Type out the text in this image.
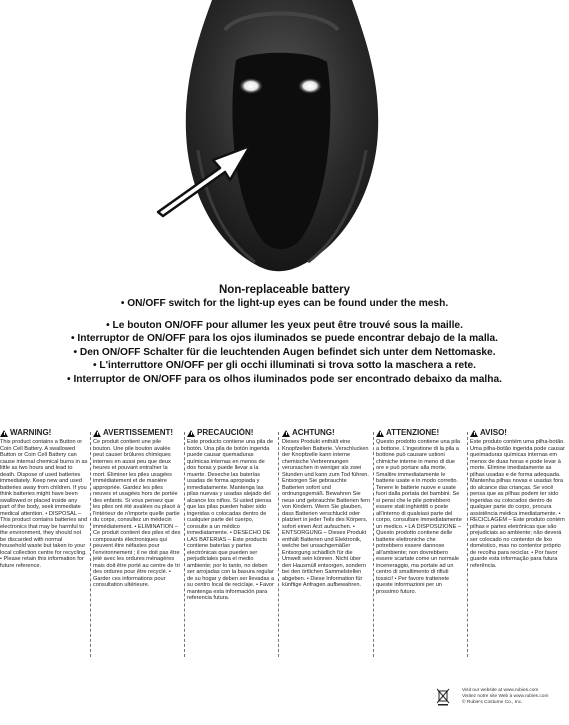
Non-replaceable battery
• ON/OFF switch for the light-up eyes can be found under the mesh.
• Le bouton ON/OFF pour allumer les yeux peut être trouvé sous la maille.
• Interruptor de ON/OFF para los ojos iluminados se puede encontrar debajo de la malla.
• Den ON/OFF Schalter für die leuchtenden Augen befindet sich unter dem Nettomaske.
• L'interruttore ON/OFF per gli occhi illuminati si trova sotto la maschera a rete.
• Interruptor de ON/OFF para os olhos iluminados pode ser encontrado debaixo da malha.
WARNING!
This product contains a Button or Coin Cell Battery. A swallowed Button or Coin Cell Battery can cause internal chemical burns in as little as two hours and lead to death. Dispose of used batteries immediately. Keep new and used batteries away from children. If you think batteries might have been swallowed or placed inside any part of the body, seek immediate medical attention. • DISPOSAL – This product contains batteries and electronics that may be harmful to the environment, they should not be discarded with normal household waste but taken to your local collection centre for recycling. • Please retain this information for future reference.
AVERTISSEMENT!
Ce produit contient une pile bouton. Une pile bouton avalée peut causer brûlures chimiques internes en aussi peu que deux heures et pouvant entraîner la mort. Éliminer les piles usagées immédiatement et de manière appropriée. Gardez les piles neuves et usagées hors de portée des enfants. Si vous pensez que les piles ont été avalées ou placé à l'intérieur de n'importe quelle partie du corps, consultez un médecin immédiatement. • ELIMINATION – Ce produit contient des piles et des composants électroniques qui peuvent être néfastes pour l'environnement ; il ne doit pas être jeté avec les ordures ménagères mais doit être porté au centre de tri des ordures pour être recyclé. • Garder ces informations pour consultation ultérieure.
PRECAUCIÓN!
Este producto contiene una pila de botón. Una pila de botón ingerida puede causar quemaduras químicas internas en menos de dos horas y puede llevar a la muerte. Deseche las baterías usadas de forma apropiada y inmediatamente. Mantenga las pilas nuevas y usadas alejado del alcance los niños. Si usted piensa que las pilas pueden haber sido ingeridas o colocadas dentro de cualquier parte del cuerpo, consulte a un médico inmediatamente. • DESECHO DE LAS BATERIAS – Este producto contiene baterías y partes electrónicas que pueden ser perjudiciales para el medio ambiente; por lo tanto, no deben ser arrojadas con la basura regular de su hogar y deben ser llevadas a su centro local de reciclaje. • Favor mantenga esta información para referencia futura.
ACHTUNG!
Dieses Produkt enthält eine Knopfzellen Batterie. Verschlucken der Knopfzelle kann interne chemische Verbrennungen verursachen in weniger als zwei Stunden und kann zum Tod führen. Entsorgen Sie gebrauchte Batterien sofort und ordnungsgemäß. Bewahren Sie neue und gebrauchte Batterien fern von Kindern. Wenn Sie glauben, dass Batterien verschluckt oder platziert in jeder Teils des Körpers, sofort einen Arzt aufsuchen. • ENTSORGUNG – Dieses Produkt enthält Batterien und Elektronik, welche bei unsachgemäßer Entsorgung schädlich für die Umwelt sein können. Nicht über den Hausmüll entsorgen, sondern bei den örtlichen Sammelstellen abgeben. • Diese Information für künftige Anfragen aufbewahren.
ATTENZIONE!
Questo prodotto contiene una pila a bottone. L'ingestione di la pila a bottone può causare ustioni chimiche interne in meno di due ore e può portare alla morte. Smaltire immediatamente le batterie usate e in modo corretto. Tenere le batterie nuove e usate fuori dalla portata dei bambini. Se si pensi che le pile potrebbero essere stati inghiottiti o poste all'interno di qualsiasi parte del corpo, consultare immediatamente un medico. • LA DISPOSIZIONE – Questo prodotto contiene delle batterie elettroniche che potrebbero essere dannose all'ambiente; non dovrebbero essere scartate come un normale inceneraggio, ma portate ad un centro di smaltimento di rifiuti tossici! • Per favore trattenete queste informazioni per un prossimo futuro.
AVISO!
Este produto contém uma pilha-botão. Uma pilha-botão ingerida pode causar queimaduras químicas internas em menos de duas horas e pode levar à morte. Elimine imediatamente as pilhas usadas e de forma adequada. Mantenha pilhas novas e usadas fora do alcance das crianças. Se você pensa que as pilhas podem ter sido ingeridas ou colocados dentro de qualquer parte do corpo, procura assistência médica imediatamente. • RECICLAGEM – Este produto contém pilhas e partes eletrônicas que são prejudiciais ao ambiente; não deverá ser colocado no contentor de lixo doméstico, mas no contentor próprio de recolha para reciclar. • Por favor guarde esta informação para futura referência.
Visit our website at www.rubies.com
Visitez notre site Web à www.rubies.com
© Rubie's Costume Co., Inc.
